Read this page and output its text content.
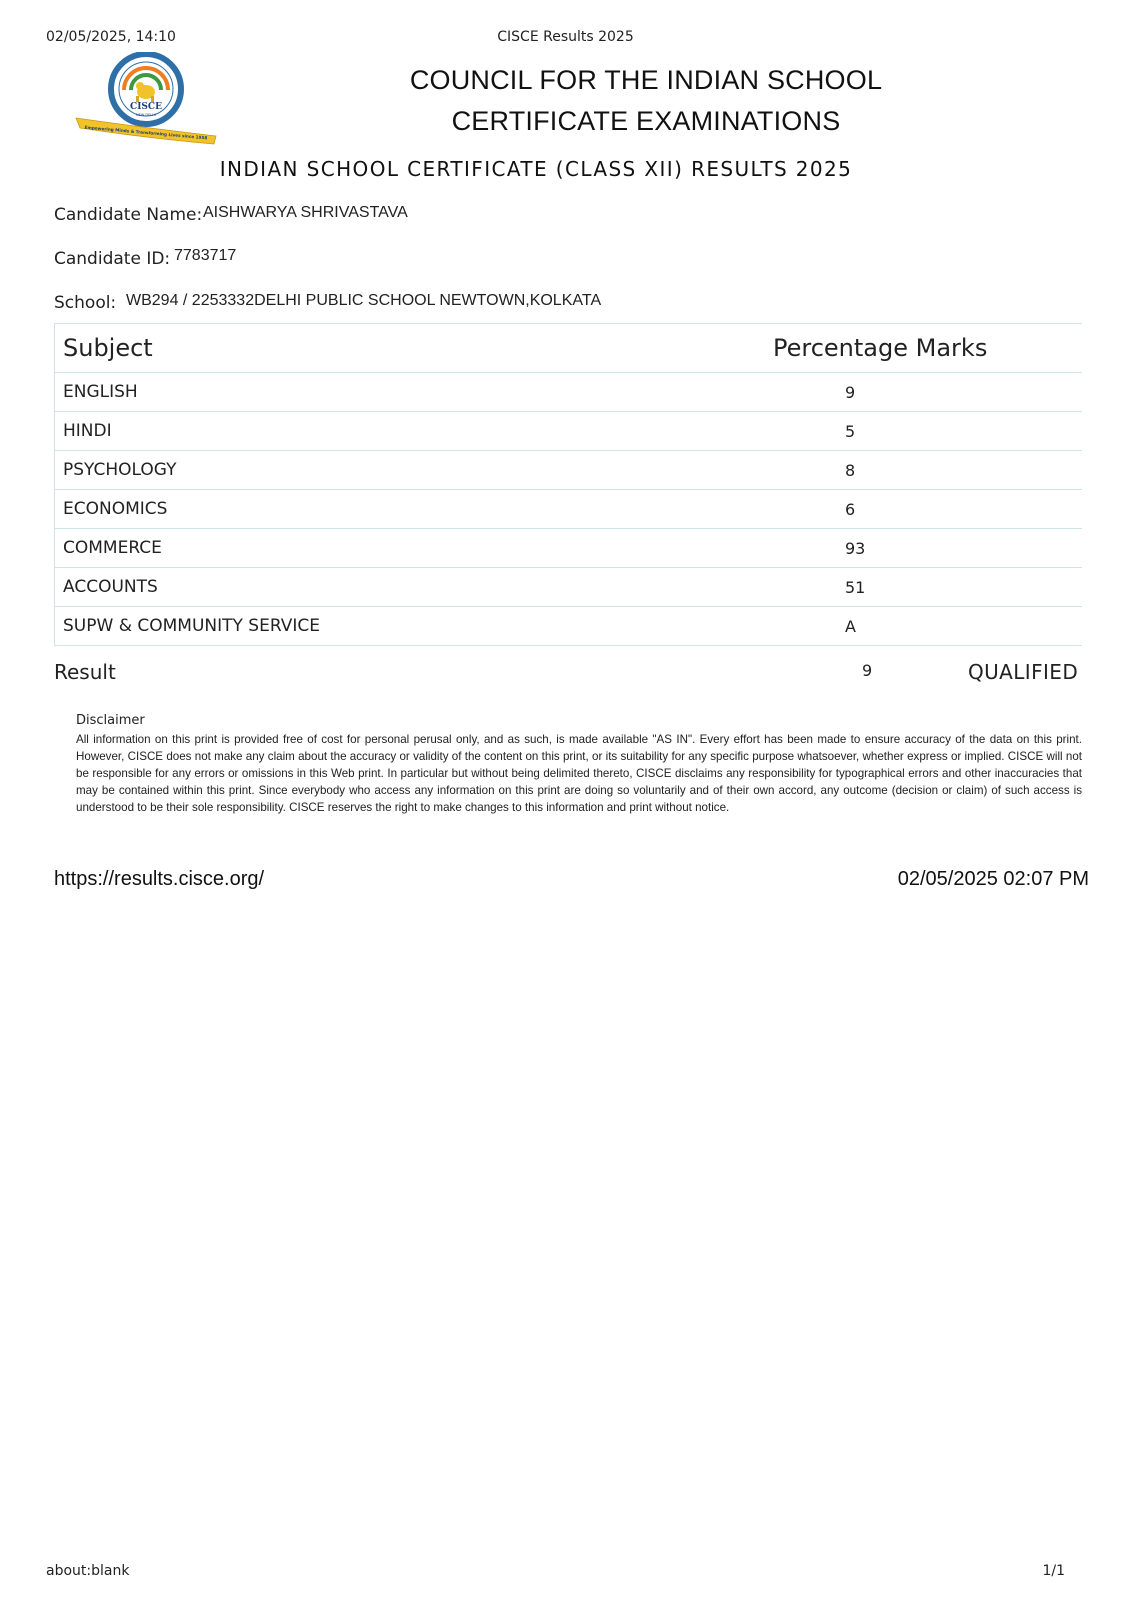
02/05/2025, 14:10	CISCE Results 2025
CISCE
NEW DELHI
Empowering Minds & Transforming Lives since 1958
COUNCIL FOR THE INDIAN SCHOOL CERTIFICATE EXAMINATIONS
INDIAN SCHOOL CERTIFICATE (CLASS XII) RESULTS 2025
Candidate Name: AISHWARYA SHRIVASTAVA
Candidate ID: 7783717
School: WB294 / 2253332DELHI PUBLIC SCHOOL NEWTOWN,KOLKATA
Subject	Percentage Marks
ENGLISH	9
HINDI	5
PSYCHOLOGY	8
ECONOMICS	6
COMMERCE	93
ACCOUNTS	51
SUPW & COMMUNITY SERVICE	A
Result	9	QUALIFIED
Disclaimer
All information on this print is provided free of cost for personal perusal only, and as such, is made available "AS IN". Every effort has been made to ensure accuracy of the data on this print. However, CISCE does not make any claim about the accuracy or validity of the content on this print, or its suitability for any specific purpose whatsoever, whether express or implied. CISCE will not be responsible for any errors or omissions in this Web print. In particular but without being delimited thereto, CISCE disclaims any responsibility for typographical errors and other inaccuracies that may be contained within this print. Since everybody who access any information on this print are doing so voluntarily and of their own accord, any outcome (decision or claim) of such access is understood to be their sole responsibility. CISCE reserves the right to make changes to this information and print without notice.
https://results.cisce.org/	02/05/2025 02:07 PM
about:blank	1/1
